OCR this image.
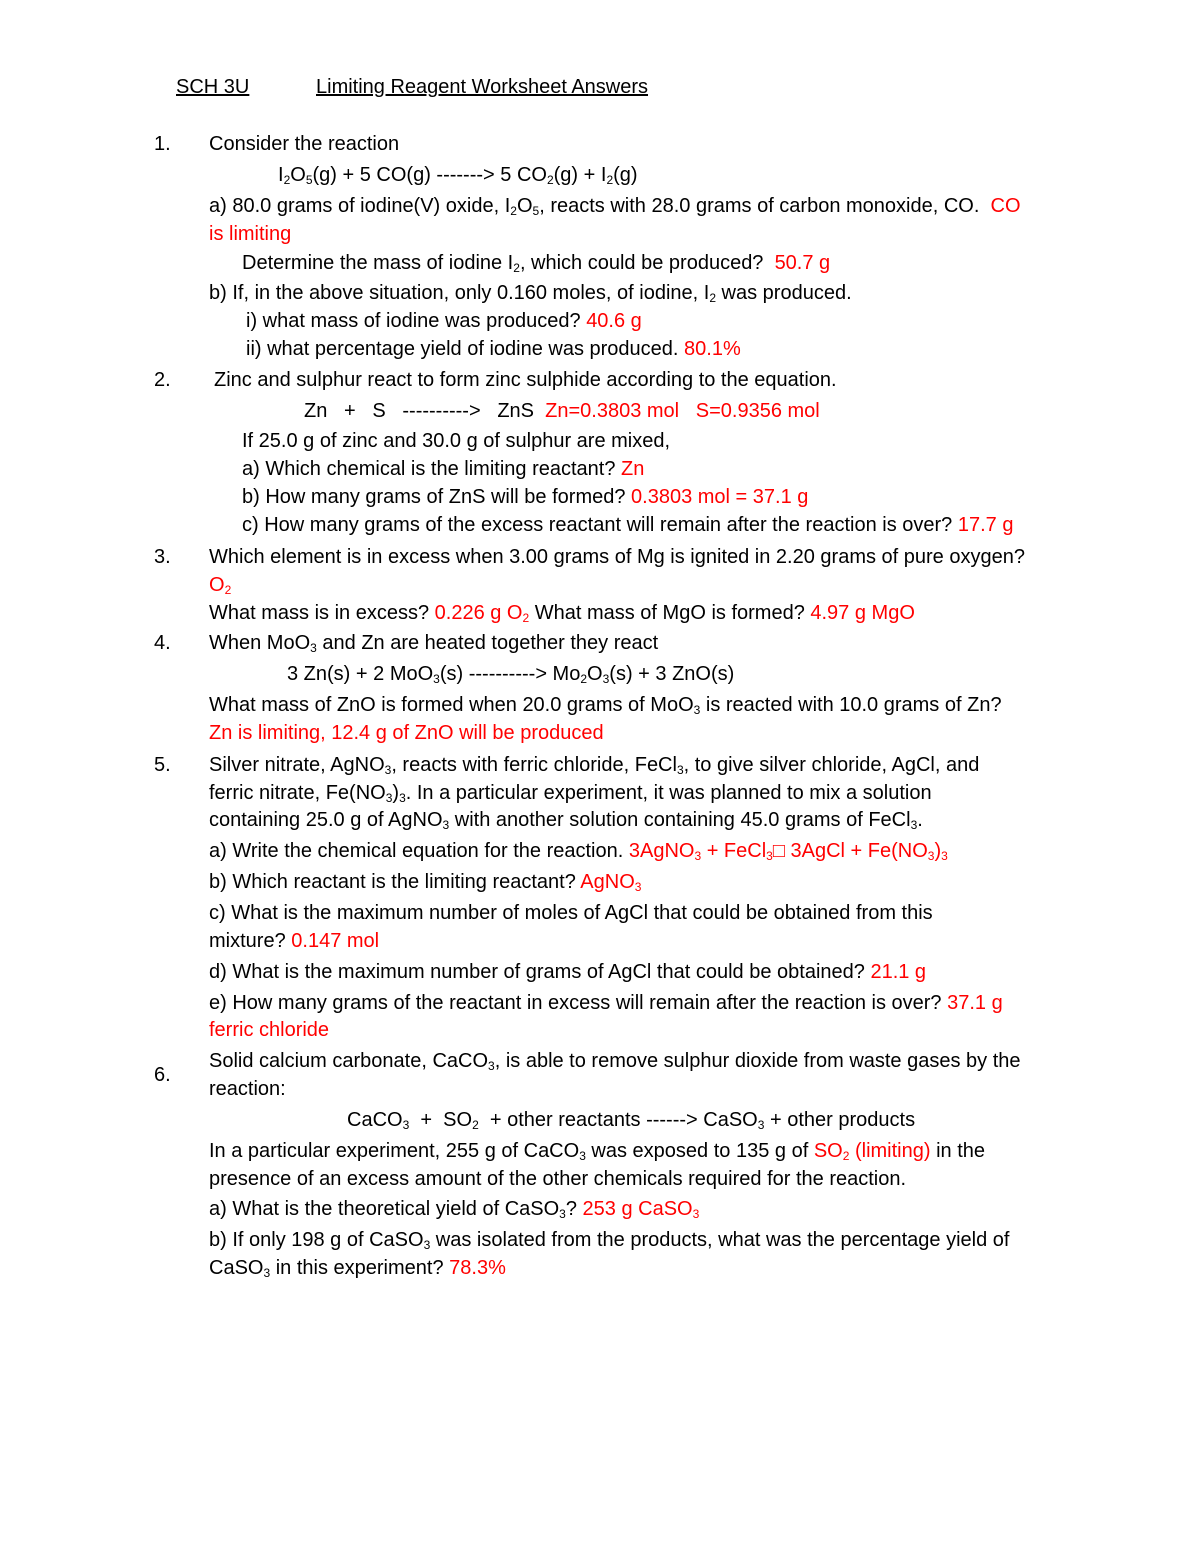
SCH 3U	Limiting Reagent Worksheet Answers
1. Consider the reaction
$I_2O_5(g) + 5$ CO(g) -------> 5 $CO_2(g) + I_2(g)$
a) 80.0 grams of iodine(V) oxide, $I_2O_5$, reacts with 28.0 grams of carbon monoxide, CO. CO
is limiting
Determine the mass of iodine $I_2$, which could be produced? 50.7 g
b) If, in the above situation, only 0.160 moles, of iodine, $I_2$ was produced.
i) what mass of iodine was produced? 40.6 g
ii) what percentage yield of iodine was produced. 80.1%
2. Zinc and sulphur react to form zinc sulphide according to the equation.
Zn   +   S   ---------->   ZnS Zn=0.3803 mol   S=0.9356 mol
If 25.0 g of zinc and 30.0 g of sulphur are mixed,
a) Which chemical is the limiting reactant? Zn
b) How many grams of ZnS will be formed? 0.3803 mol = 37.1 g
c) How many grams of the excess reactant will remain after the reaction is over? 17.7 g
3. Which element is in excess when 3.00 grams of Mg is ignited in 2.20 grams of pure oxygen?
$O_2$
What mass is in excess? 0.226 g $O_2$ What mass of MgO is formed? 4.97 g MgO
4. When MoO$_3$ and Zn are heated together they react
3 Zn(s) + 2 MoO$_3$(s) ----------> $Mo_2O_3(s) + 3$ ZnO(s)
What mass of ZnO is formed when 20.0 grams of MoO$_3$ is reacted with 10.0 grams of Zn?
Zn is limiting, 12.4 g of ZnO will be produced
5. Silver nitrate, AgNO$_3$, reacts with ferric chloride, FeCl$_3$, to give silver chloride, AgCl, and
ferric nitrate, $Fe(NO_3)_3$. In a particular experiment, it was planned to mix a solution
containing 25.0 g of AgNO$_3$ with another solution containing 45.0 grams of FeCl$_3$.
a) Write the chemical equation for the reaction. 3AgNO$_3$ + FeCl$_3$□ 3AgCl + $Fe(NO_3)_3$
b) Which reactant is the limiting reactant? AgNO$_3$
c) What is the maximum number of moles of AgCl that could be obtained from this
mixture? 0.147 mol
d) What is the maximum number of grams of AgCl that could be obtained? 21.1 g
e) How many grams of the reactant in excess will remain after the reaction is over? 37.1 g
ferric chloride
6.
Solid calcium carbonate, CaCO$_3$, is able to remove sulphur dioxide from waste gases by the
reaction:
CaCO$_3$  +  $SO_2$  + other reactants ------> CaSO$_3$ + other products
In a particular experiment, 255 g of CaCO$_3$ was exposed to 135 g of $SO_2$ (limiting) in the
presence of an excess amount of the other chemicals required for the reaction.
a) What is the theoretical yield of CaSO$_3$? 253 g CaSO$_3$
b) If only 198 g of CaSO$_3$ was isolated from the products, what was the percentage yield of
CaSO$_3$ in this experiment? 78.3%
